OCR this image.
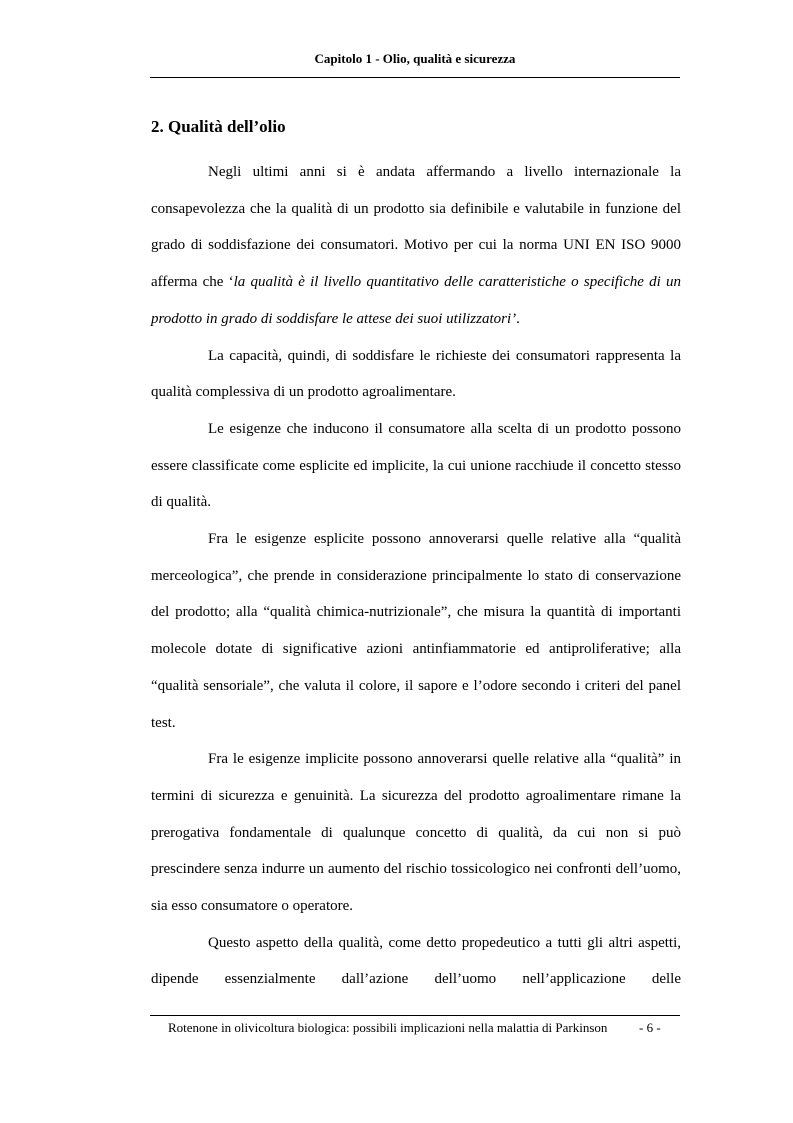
Capitolo 1 - Olio, qualità e sicurezza
2. Qualità dell’olio

Negli ultimi anni si è andata affermando a livello internazionale la consapevolezza che la qualità di un prodotto sia definibile e valutabile in funzione del grado di soddisfazione dei consumatori. Motivo per cui la norma UNI EN ISO 9000 afferma che ‘la qualità è il livello quantitativo delle caratteristiche o specifiche di un prodotto in grado di soddisfare le attese dei suoi utilizzatori’.

La capacità, quindi, di soddisfare le richieste dei consumatori rappresenta la qualità complessiva di un prodotto agroalimentare.

Le esigenze che inducono il consumatore alla scelta di un prodotto possono essere classificate come esplicite ed implicite, la cui unione racchiude il concetto stesso di qualità.

Fra le esigenze esplicite possono annoverarsi quelle relative alla “qualità merceologica”, che prende in considerazione principalmente lo stato di conservazione del prodotto; alla “qualità chimica-nutrizionale”, che misura la quantità di importanti molecole dotate di significative azioni antinfiammatorie ed antiproliferative; alla “qualità sensoriale”, che valuta il colore, il sapore e l’odore secondo i criteri del panel test.

Fra le esigenze implicite possono annoverarsi quelle relative alla “qualità” in termini di sicurezza e genuinità. La sicurezza del prodotto agroalimentare rimane la prerogativa fondamentale di qualunque concetto di qualità, da cui non si può prescindere senza indurre un aumento del rischio tossicologico nei confronti dell’uomo, sia esso consumatore o operatore.

Questo aspetto della qualità, come detto propedeutico a tutti gli altri aspetti, dipende essenzialmente dall’azione dell’uomo nell’applicazione delle

Rotenone in olivicoltura biologica: possibili implicazioni nella malattia di Parkinson - 6 -
